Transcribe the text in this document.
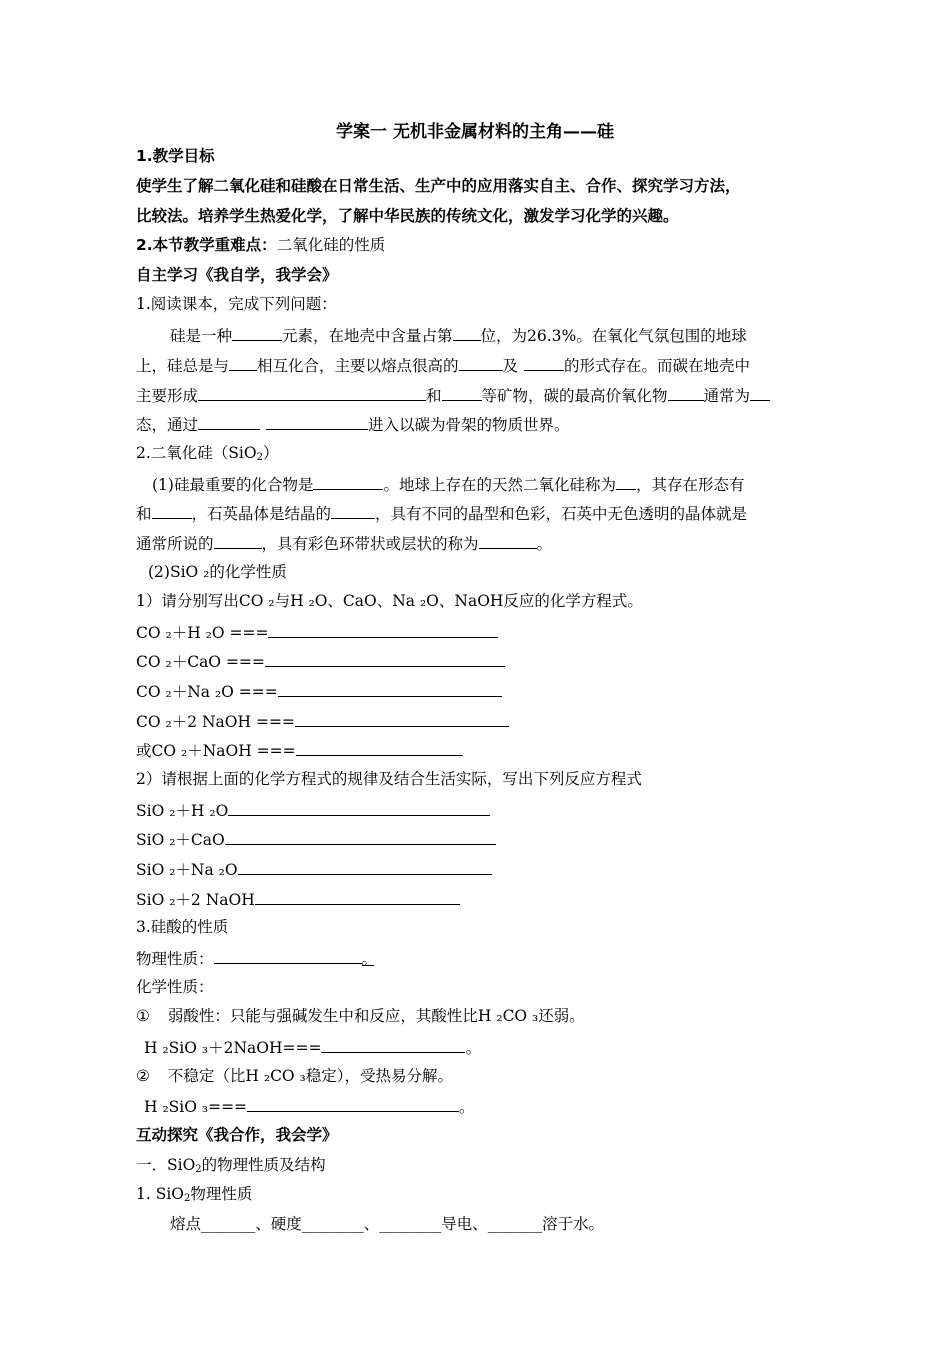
学案一 无机非金属材料的主角——硅
1.教学目标
使学生了解二氧化硅和硅酸在日常生活、生产中的应用落实自主、合作、探究学习方法，
比较法。培养学生热爱化学，了解中华民族的传统文化，激发学习化学的兴趣。
2.本节教学重难点：二氧化硅的性质
自主学习《我自学，我学会》
1.阅读课本，完成下列问题：
硅是一种	元素，在地壳中含量占第 位，为26.3%。在氧化气氛包围的地球
上，硅总是与 相互化合，主要以熔点很高的	及	的形式存在。而碳在地壳中
主要形成	和	等矿物，碳的最高价氧化物 通常为
态，通过	进入以碳为骨架的物质世界。
2.二氧化硅（SiO$_2$）
(1)硅最重要的化合物是	。地球上存在的天然二氧化硅称为 ，其存在形态有
和	，石英晶体是结晶的	，具有不同的晶型和色彩，石英中无色透明的晶体就是
通常所说的	，具有彩色环带状或层状的称为	。
(2)SiO ₂的化学性质
1）请分别写出CO ₂与H ₂O、CaO、Na ₂O、NaOH反应的化学方程式。
CO ₂＋H ₂O ===
CO ₂＋CaO ===
CO ₂＋Na ₂O ===
CO ₂＋2 NaOH ===
或CO ₂＋NaOH ===
2）请根据上面的化学方程式的规律及结合生活实际，写出下列反应方程式
SiO ₂＋H ₂O
SiO ₂＋CaO
SiO ₂＋Na ₂O
SiO ₂＋2 NaOH
3.硅酸的性质
物理性质：	。
化学性质：
① 弱酸性：只能与强碱发生中和反应，其酸性比H ₂CO ₃还弱。
H ₂SiO ₃＋2NaOH===	。
② 不稳定（比H ₂CO ₃稳定），受热易分解。
H ₂SiO ₃===	。
互动探究《我合作，我会学》
一．SiO$_2$的物理性质及结构
1. SiO$_2$物理性质
熔点_______、硬度________、________导电、_______溶于水。
